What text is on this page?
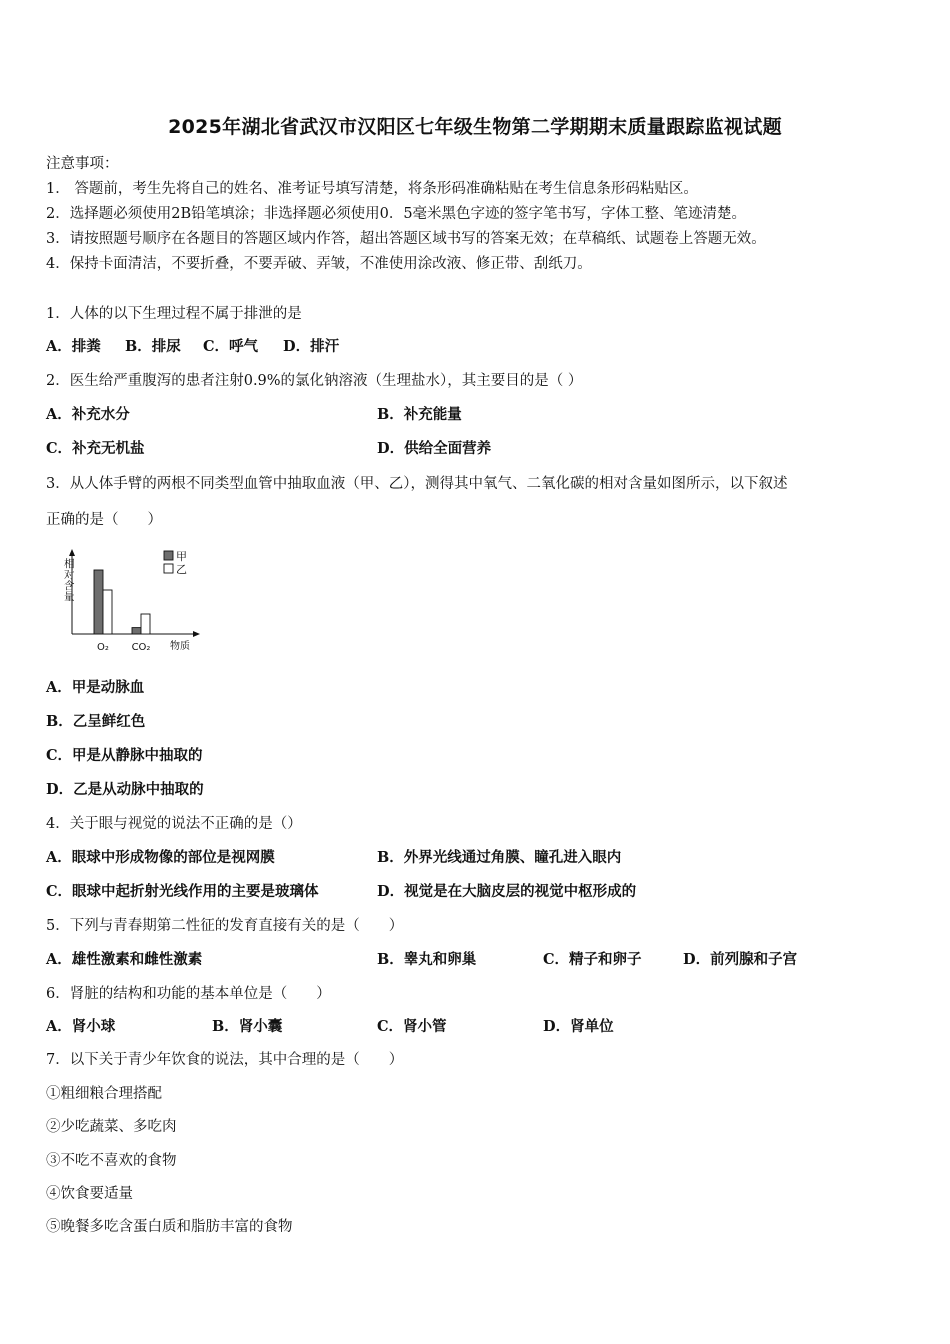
2025年湖北省武汉市汉阳区七年级生物第二学期期末质量跟踪监视试题
注意事项：
1． 答题前，考生先将自己的姓名、准考证号填写清楚，将条形码准确粘贴在考生信息条形码粘贴区。
2．选择题必须使用2B铅笔填涂；非选择题必须使用0．5毫米黑色字迹的签字笔书写，字体工整、笔迹清楚。
3．请按照题号顺序在各题目的答题区域内作答，超出答题区域书写的答案无效；在草稿纸、试题卷上答题无效。
4．保持卡面清洁，不要折叠，不要弄破、弄皱，不准使用涂改液、修正带、刮纸刀。
1．人体的以下生理过程不属于排泄的是
A．排粪 B．排尿 C．呼气 D．排汗
2．医生给严重腹泻的患者注射0.9%的氯化钠溶液（生理盐水），其主要目的是（ ）
A．补充水分	B．补充能量
C．补充无机盐	D．供给全面营养
3．从人体手臂的两根不同类型血管中抽取血液（甲、乙），测得其中氧气、二氧化碳的相对含量如图所示，以下叙述
正确的是（　　）
相对含量
O₂ CO₂ 物质
甲
乙
A．甲是动脉血
B．乙呈鲜红色
C．甲是从静脉中抽取的
D．乙是从动脉中抽取的
4．关于眼与视觉的说法不正确的是（）
A．眼球中形成物像的部位是视网膜	B．外界光线通过角膜、瞳孔进入眼内
C．眼球中起折射光线作用的主要是玻璃体	D．视觉是在大脑皮层的视觉中枢形成的
5．下列与青春期第二性征的发育直接有关的是（　　）
A．雄性激素和雌性激素	B．睾丸和卵巢	C．精子和卵子	D．前列腺和子宫
6．肾脏的结构和功能的基本单位是（　　）
A．肾小球	B．肾小囊	C．肾小管	D．肾单位
7．以下关于青少年饮食的说法，其中合理的是（　　）
①粗细粮合理搭配
②少吃蔬菜、多吃肉
③不吃不喜欢的食物
④饮食要适量
⑤晚餐多吃含蛋白质和脂肪丰富的食物
